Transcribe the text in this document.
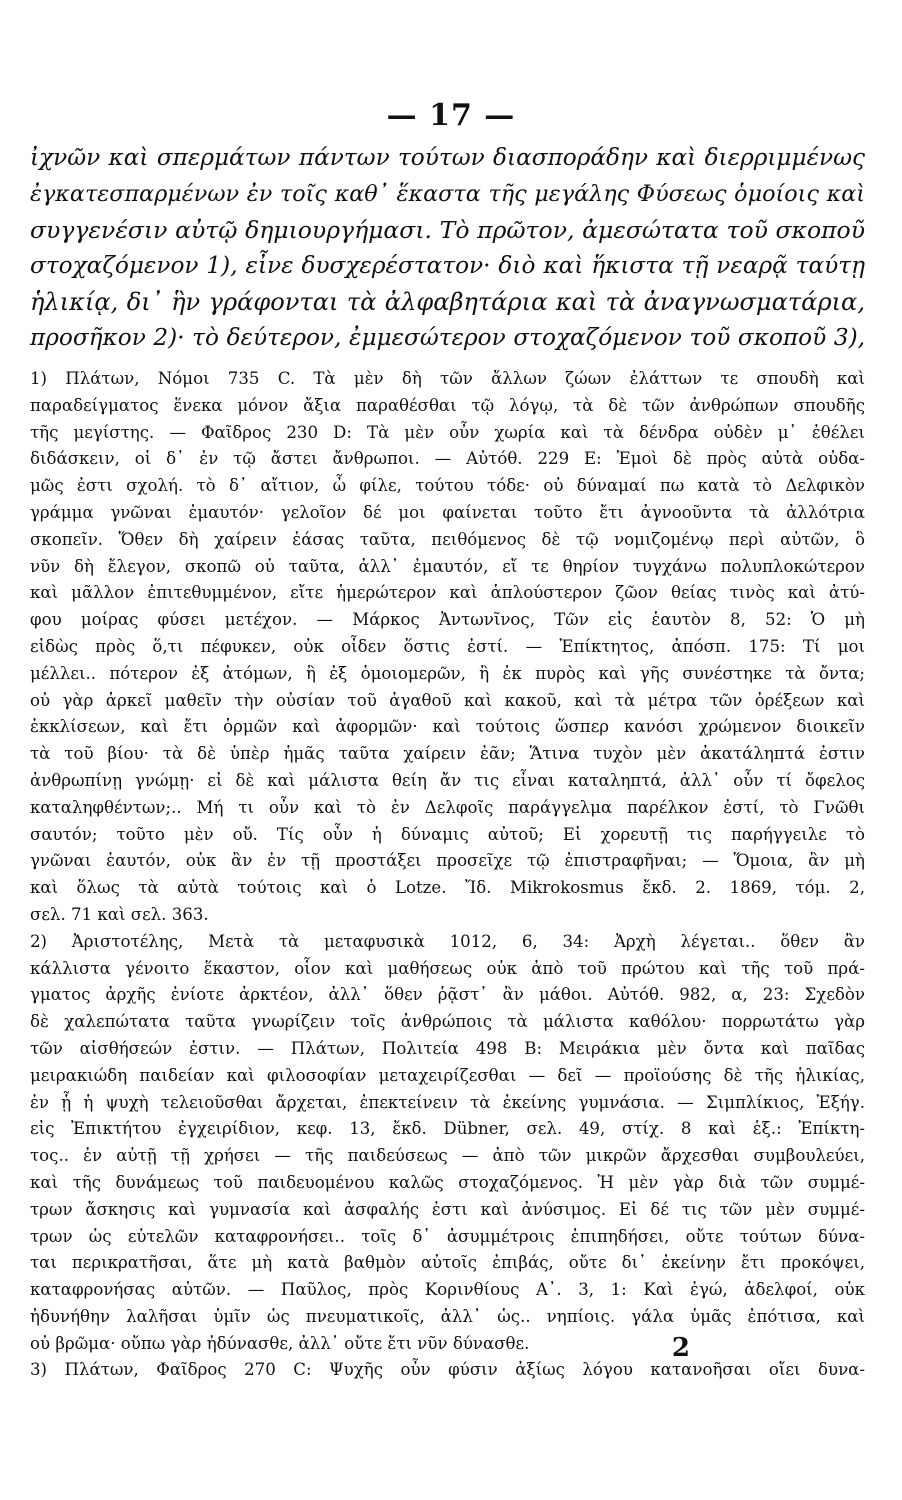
— 17 —
ἰχνῶν καὶ σπερμάτων πάντων τούτων διασποράδην καὶ διερριμμένως
ἐγκατεσπαρμένων ἐν τοῖς καθ᾽ ἕκαστα τῆς μεγάλης Φύσεως ὁμοίοις καὶ
συγγενέσιν αὐτῷ δημιουργήμασι. Τὸ πρῶτον, ἀμεσώτατα τοῦ σκοποῦ
στοχαζόμενον 1), εἶνε δυσχερέστατον· διὸ καὶ ἥκιστα τῇ νεαρᾷ ταύτῃ
ἡλικίᾳ, δι᾽ ἣν γράφονται τὰ ἀλφαβητάρια καὶ τὰ ἀναγνωσματάρια,
προσῆκον 2)· τὸ δεύτερον, ἐμμεσώτερον στοχαζόμενον τοῦ σκοποῦ 3),
1) Πλάτων, Νόμοι 735 C. Τὰ μὲν δὴ τῶν ἄλλων ζώων ἐλάττων τε σπουδὴ καὶ
παραδείγματος ἕνεκα μόνον ἄξια παραθέσθαι τῷ λόγῳ, τὰ δὲ τῶν ἀνθρώπων σπουδῆς
τῆς μεγίστης. — Φαῖδρος 230 D: Τὰ μὲν οὖν χωρία καὶ τὰ δένδρα οὐδὲν μ᾽ ἐθέλει
διδάσκειν, οἱ δ᾽ ἐν τῷ ἄστει ἄνθρωποι. — Αὐτόθ. 229 E: Ἐμοὶ δὲ πρὸς αὐτὰ οὐδα-
μῶς ἐστι σχολή. τὸ δ᾽ αἴτιον, ὦ φίλε, τούτου τόδε· οὐ δύναμαί πω κατὰ τὸ Δελφικὸν
γράμμα γνῶναι ἐμαυτόν· γελοῖον δέ μοι φαίνεται τοῦτο ἔτι ἀγνοοῦντα τὰ ἀλλότρια
σκοπεῖν. Ὅθεν δὴ χαίρειν ἐάσας ταῦτα, πειθόμενος δὲ τῷ νομιζομένῳ περὶ αὐτῶν, ὃ
νῦν δὴ ἔλεγον, σκοπῶ οὐ ταῦτα, ἀλλ᾽ ἐμαυτόν, εἴ τε θηρίον τυγχάνω πολυπλοκώτερον
καὶ μᾶλλον ἐπιτεθυμμένον, εἴτε ἡμερώτερον καὶ ἁπλούστερον ζῶον θείας τινὸς καὶ ἀτύ-
φου μοίρας φύσει μετέχον. — Μάρκος Ἀντωνῖνος, Τῶν εἰς ἑαυτὸν 8, 52: Ὁ μὴ
εἰδὼς πρὸς ὅ,τι πέφυκεν, οὐκ οἶδεν ὅστις ἐστί. — Ἐπίκτητος, ἀπόσπ. 175: Τί μοι
μέλλει.. πότερον ἐξ ἀτόμων, ἢ ἐξ ὁμοιομερῶν, ἢ ἐκ πυρὸς καὶ γῆς συνέστηκε τὰ ὄντα;
οὐ γὰρ ἀρκεῖ μαθεῖν τὴν οὐσίαν τοῦ ἀγαθοῦ καὶ κακοῦ, καὶ τὰ μέτρα τῶν ὀρέξεων καὶ
ἐκκλίσεων, καὶ ἔτι ὁρμῶν καὶ ἀφορμῶν· καὶ τούτοις ὥσπερ κανόσι χρώμενον διοικεῖν
τὰ τοῦ βίου· τὰ δὲ ὑπὲρ ἡμᾶς ταῦτα χαίρειν ἐᾶν; Ἅτινα τυχὸν μὲν ἀκατάληπτά ἐστιν
ἀνθρωπίνῃ γνώμῃ· εἰ δὲ καὶ μάλιστα θείη ἄν τις εἶναι καταληπτά, ἀλλ᾽ οὖν τί ὄφελος
καταληφθέντων;.. Μή τι οὖν καὶ τὸ ἐν Δελφοῖς παράγγελμα παρέλκον ἐστί, τὸ Γνῶθι
σαυτόν; τοῦτο μὲν οὔ. Τίς οὖν ἡ δύναμις αὐτοῦ; Εἰ χορευτῇ τις παρήγγειλε τὸ
γνῶναι ἑαυτόν, οὐκ ἂν ἐν τῇ προστάξει προσεῖχε τῷ ἐπιστραφῆναι; — Ὅμοια, ἂν μὴ
καὶ ὅλως τὰ αὐτὰ τούτοις καὶ ὁ Lotze. Ἴδ. Mikrokosmus ἔκδ. 2. 1869, τόμ. 2,
σελ. 71 καὶ σελ. 363.
2) Ἀριστοτέλης, Μετὰ τὰ μεταφυσικὰ 1012, 6, 34: Ἀρχὴ λέγεται.. ὅθεν ἂν
κάλλιστα γένοιτο ἕκαστον, οἷον καὶ μαθήσεως οὐκ ἀπὸ τοῦ πρώτου καὶ τῆς τοῦ πρά-
γματος ἀρχῆς ἐνίοτε ἀρκτέον, ἀλλ᾽ ὅθεν ῥᾷστ᾽ ἂν μάθοι. Αὐτόθ. 982, α, 23: Σχεδὸν
δὲ χαλεπώτατα ταῦτα γνωρίζειν τοῖς ἀνθρώποις τὰ μάλιστα καθόλου· πορρωτάτω γὰρ
τῶν αἰσθήσεών ἐστιν. — Πλάτων, Πολιτεία 498 B: Μειράκια μὲν ὄντα καὶ παῖδας
μειρακιώδη παιδείαν καὶ φιλοσοφίαν μεταχειρίζεσθαι — δεῖ — προϊούσης δὲ τῆς ἡλικίας,
ἐν ᾗ ἡ ψυχὴ τελειοῦσθαι ἄρχεται, ἐπεκτείνειν τὰ ἐκείνης γυμνάσια. — Σιμπλίκιος, Ἐξήγ.
εἰς Ἐπικτήτου ἐγχειρίδιον, κεφ. 13, ἔκδ. Dübner, σελ. 49, στίχ. 8 καὶ ἑξ.: Ἐπίκτη-
τος.. ἐν αὐτῇ τῇ χρήσει — τῆς παιδεύσεως — ἀπὸ τῶν μικρῶν ἄρχεσθαι συμβουλεύει,
καὶ τῆς δυνάμεως τοῦ παιδευομένου καλῶς στοχαζόμενος. Ἡ μὲν γὰρ διὰ τῶν συμμέ-
τρων ἄσκησις καὶ γυμνασία καὶ ἀσφαλής ἐστι καὶ ἀνύσιμος. Εἰ δέ τις τῶν μὲν συμμέ-
τρων ὡς εὐτελῶν καταφρονήσει.. τοῖς δ᾽ ἀσυμμέτροις ἐπιπηδήσει, οὔτε τούτων δύνα-
ται περικρατῆσαι, ἅτε μὴ κατὰ βαθμὸν αὐτοῖς ἐπιβάς, οὔτε δι᾽ ἐκείνην ἔτι προκόψει,
καταφρονήσας αὐτῶν. — Παῦλος, πρὸς Κορινθίους Α᾽. 3, 1: Καὶ ἐγώ, ἀδελφοί, οὐκ
ἠδυνήθην λαλῆσαι ὑμῖν ὡς πνευματικοῖς, ἀλλ᾽ ὡς.. νηπίοις. γάλα ὑμᾶς ἐπότισα, καὶ
οὐ βρῶμα· οὔπω γὰρ ἠδύνασθε, ἀλλ᾽ οὔτε ἔτι νῦν δύνασθε.
3) Πλάτων, Φαῖδρος 270 C: Ψυχῆς οὖν φύσιν ἀξίως λόγου κατανοῆσαι οἴει δυνα-
2
